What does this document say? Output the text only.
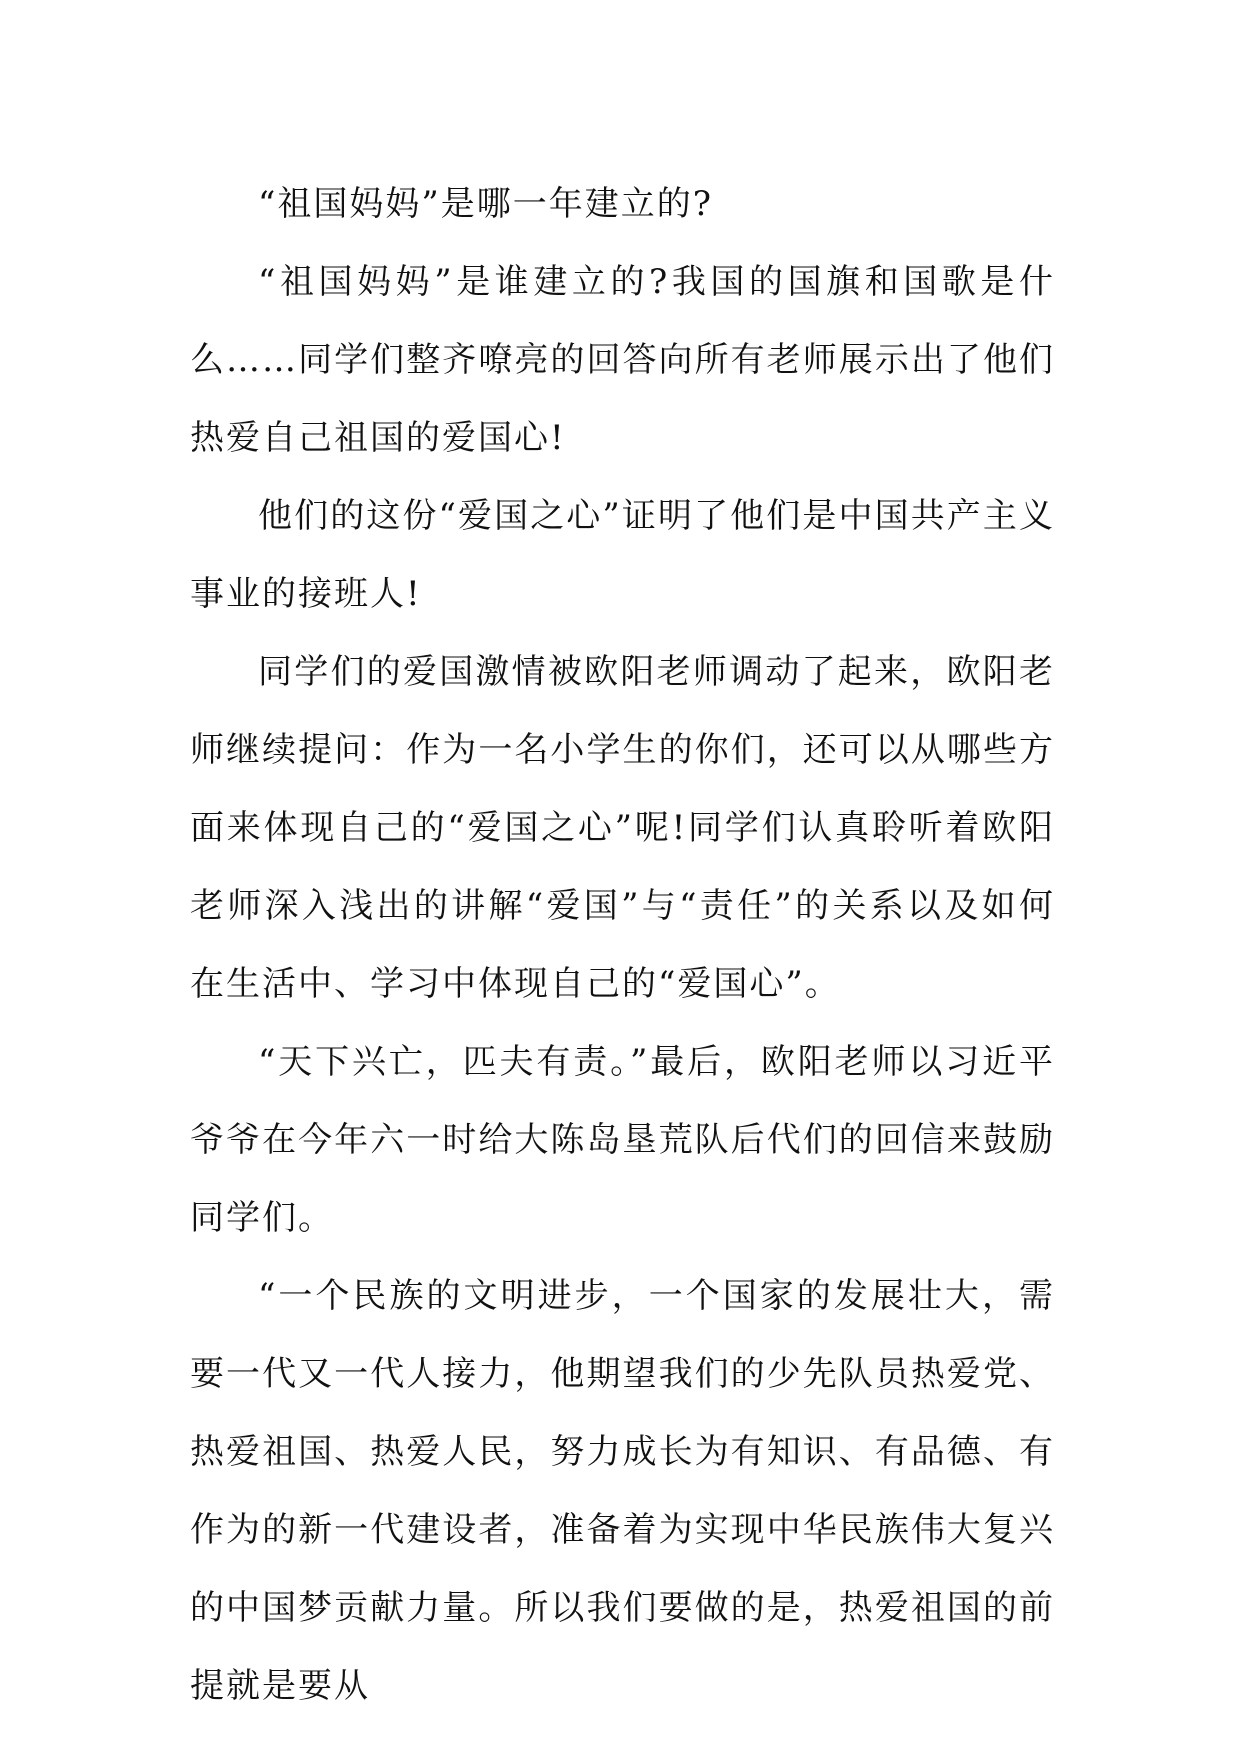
“祖国妈妈”是哪一年建立的?

“祖国妈妈”是谁建立的?我国的国旗和国歌是什么……同学们整齐嘹亮的回答向所有老师展示出了他们热爱自己祖国的爱国心!

他们的这份“爱国之心”证明了他们是中国共产主义事业的接班人!

同学们的爱国激情被欧阳老师调动了起来，欧阳老师继续提问：作为一名小学生的你们，还可以从哪些方面来体现自己的“爱国之心”呢!同学们认真聆听着欧阳老师深入浅出的讲解“爱国”与“责任”的关系以及如何在生活中、学习中体现自己的“爱国心”。

“天下兴亡，匹夫有责。”最后，欧阳老师以习近平爷爷在今年六一时给大陈岛垦荒队后代们的回信来鼓励同学们。

“一个民族的文明进步，一个国家的发展壮大，需要一代又一代人接力，他期望我们的少先队员热爱党、热爱祖国、热爱人民，努力成长为有知识、有品德、有作为的新一代建设者，准备着为实现中华民族伟大复兴的中国梦贡献力量。所以我们要做的是，热爱祖国的前提就是要从
